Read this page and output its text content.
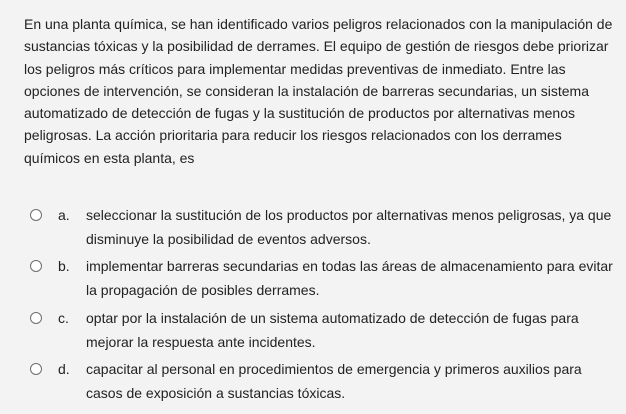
En una planta química, se han identificado varios peligros relacionados con la manipulación de sustancias tóxicas y la posibilidad de derrames. El equipo de gestión de riesgos debe priorizar los peligros más críticos para implementar medidas preventivas de inmediato. Entre las opciones de intervención, se consideran la instalación de barreras secundarias, un sistema automatizado de detección de fugas y la sustitución de productos por alternativas menos peligrosas. La acción prioritaria para reducir los riesgos relacionados con los derrames químicos en esta planta, es

a. seleccionar la sustitución de los productos por alternativas menos peligrosas, ya que disminuye la posibilidad de eventos adversos.
b. implementar barreras secundarias en todas las áreas de almacenamiento para evitar la propagación de posibles derrames.
c. optar por la instalación de un sistema automatizado de detección de fugas para mejorar la respuesta ante incidentes.
d. capacitar al personal en procedimientos de emergencia y primeros auxilios para casos de exposición a sustancias tóxicas.
